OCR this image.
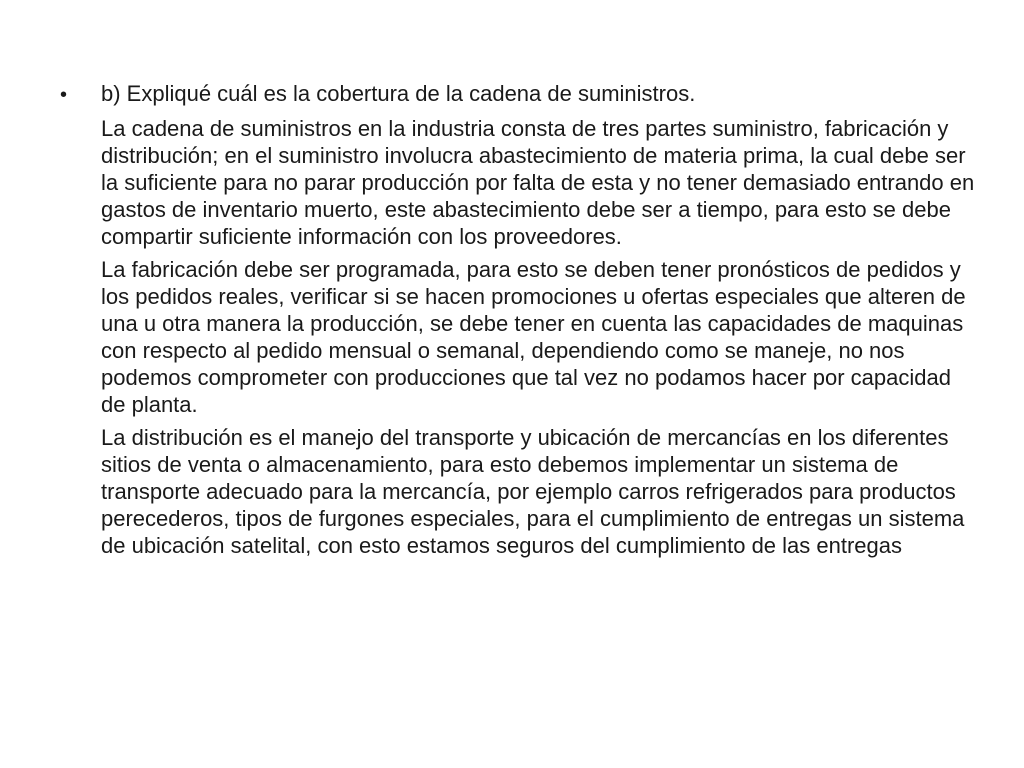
•	b) Expliqué cuál es la cobertura de la cadena de suministros.

La cadena de suministros en la industria consta de tres partes suministro, fabricación y distribución; en el suministro involucra abastecimiento de materia prima, la cual debe ser la suficiente para no parar producción por falta de esta y no tener demasiado entrando en gastos de inventario muerto, este abastecimiento debe ser a tiempo, para esto se debe compartir suficiente información con los proveedores.

La fabricación debe ser programada, para esto se deben tener pronósticos de pedidos y los pedidos reales, verificar si se hacen promociones u ofertas especiales que alteren de una u otra manera la producción, se debe tener en cuenta las capacidades de maquinas con respecto al pedido mensual o semanal, dependiendo como se maneje, no nos podemos comprometer con producciones que tal vez no podamos hacer por capacidad de planta.

La distribución es el manejo del transporte y ubicación de mercancías en los diferentes sitios de venta o almacenamiento, para esto debemos implementar un sistema de transporte adecuado para la mercancía, por ejemplo carros refrigerados para productos perecederos, tipos de furgones especiales, para el cumplimiento de entregas un sistema de ubicación satelital, con esto estamos seguros del cumplimiento de las entregas
